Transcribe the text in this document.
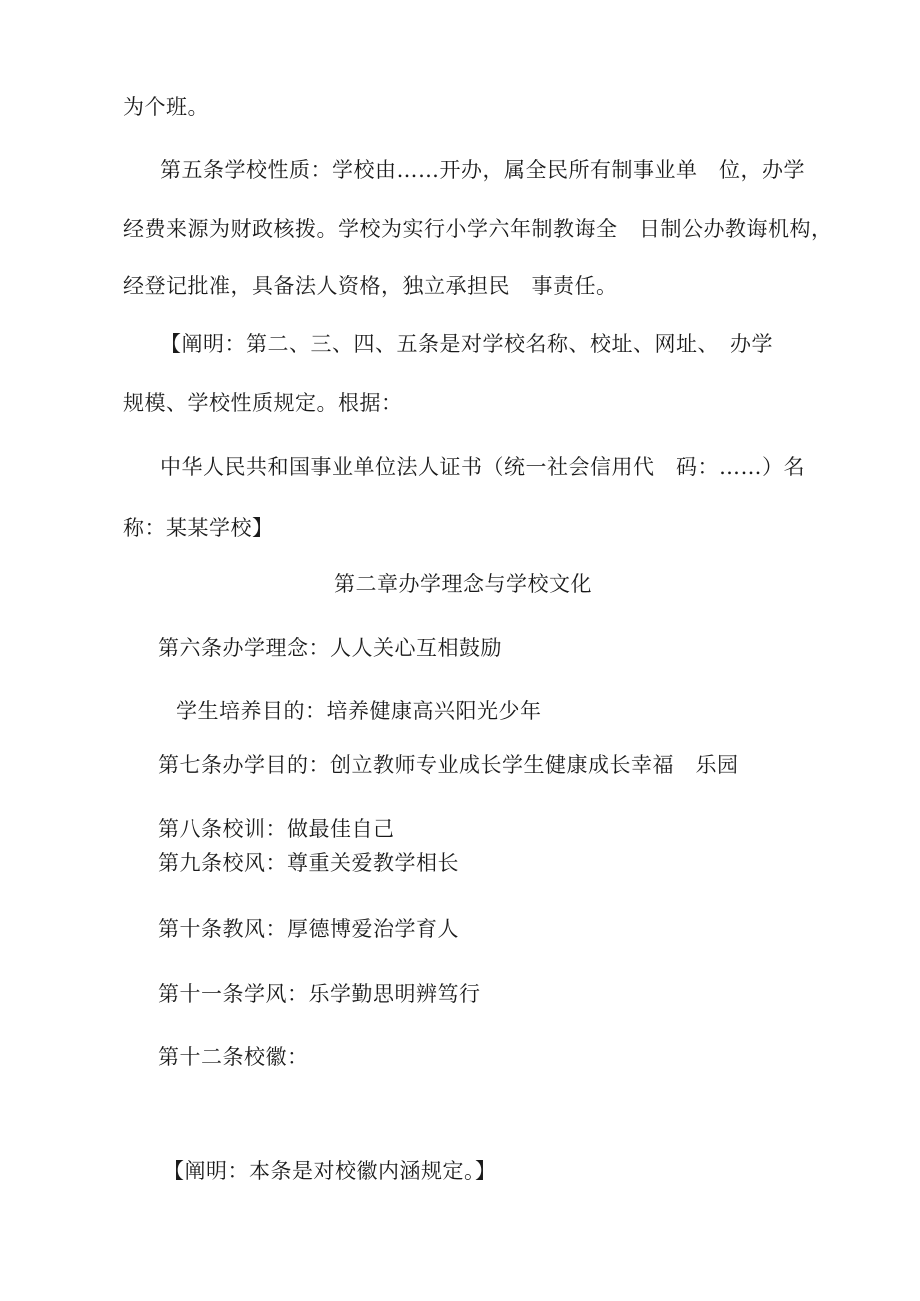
为个班。
第五条学校性质：学校由……开办，属全民所有制事业单　位，办学
经费来源为财政核拨。学校为实行小学六年制教诲全　日制公办教诲机构，
经登记批准，具备法人资格，独立承担民　事责任。
【阐明：第二、三、四、五条是对学校名称、校址、网址、　办学
规模、学校性质规定。根据：
中华人民共和国事业单位法人证书（统一社会信用代　码：……）名
称：某某学校】
第二章办学理念与学校文化
第六条办学理念：人人关心互相鼓励
学生培养目的：培养健康高兴阳光少年
第七条办学目的：创立教师专业成长学生健康成长幸福　乐园
第八条校训：做最佳自己
第九条校风：尊重关爱教学相长
第十条教风：厚德博爱治学育人
第十一条学风：乐学勤思明辨笃行
第十二条校徽：
【阐明：本条是对校徽内涵规定。】
